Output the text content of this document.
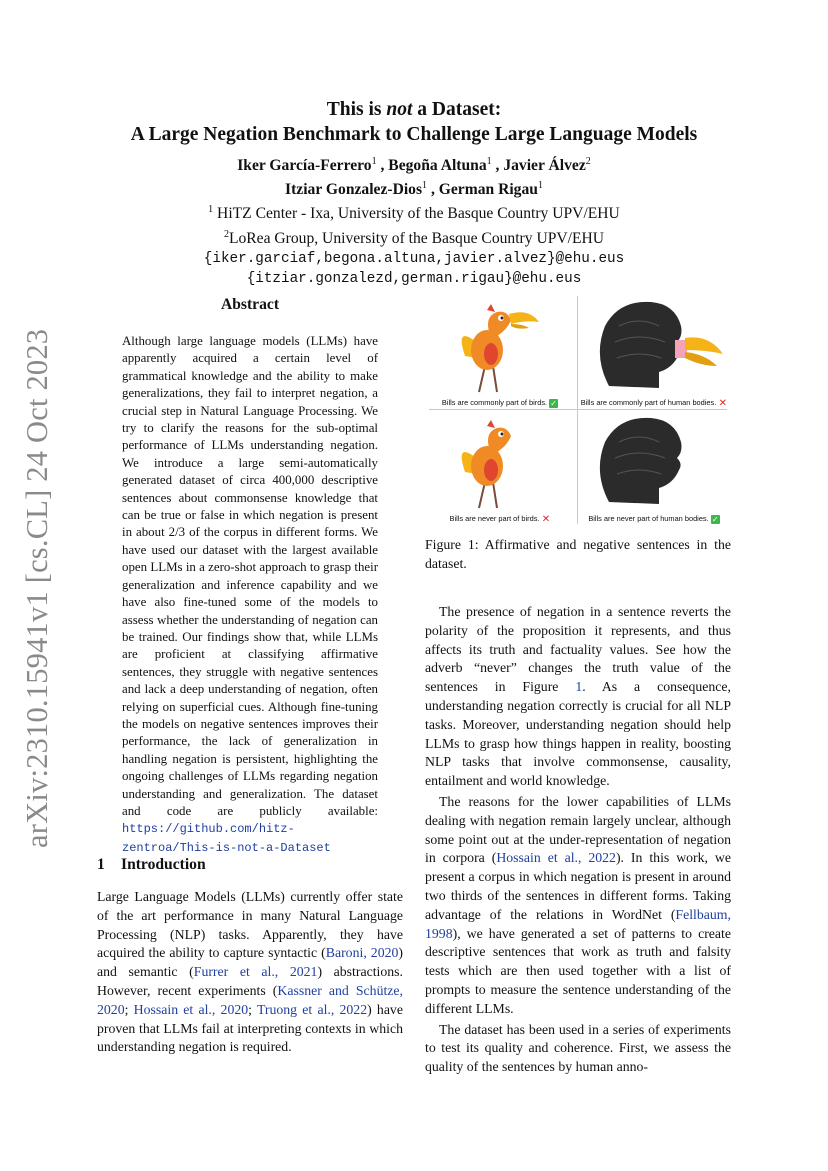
arXiv:2310.15941v1 [cs.CL] 24 Oct 2023
This is not a Dataset:
A Large Negation Benchmark to Challenge Large Language Models
Iker García-Ferrero$^1$ , Begoña Altuna$^1$ , Javier Álvez$^2$
Itziar Gonzalez-Dios$^1$ , German Rigau$^1$
$^1$ HiTZ Center - Ixa, University of the Basque Country UPV/EHU
$^2$LoRea Group, University of the Basque Country UPV/EHU
{iker.garciaf,begona.altuna,javier.alvez}@ehu.eus
{itziar.gonzalezd,german.rigau}@ehu.eus
Abstract

Although large language models (LLMs) have apparently acquired a certain level of grammatical knowledge and the ability to make generalizations, they fail to interpret negation, a crucial step in Natural Language Processing. We try to clarify the reasons for the sub-optimal performance of LLMs understanding negation. We introduce a large semi-automatically generated dataset of circa 400,000 descriptive sentences about commonsense knowledge that can be true or false in which negation is present in about 2/3 of the corpus in different forms. We have used our dataset with the largest available open LLMs in a zero-shot approach to grasp their generalization and inference capability and we have also fine-tuned some of the models to assess whether the understanding of negation can be trained. Our findings show that, while LLMs are proficient at classifying affirmative sentences, they struggle with negative sentences and lack a deep understanding of negation, often relying on superficial cues. Although fine-tuning the models on negative sentences improves their performance, the lack of generalization in handling negation is persistent, highlighting the ongoing challenges of LLMs regarding negation understanding and generalization. The dataset and code are publicly available: https://github.com/hitz-zentroa/This-is-not-a-Dataset

1 Introduction

Large Language Models (LLMs) currently offer state of the art performance in many Natural Language Processing (NLP) tasks. Apparently, they have acquired the ability to capture syntactic (Baroni, 2020) and semantic (Furrer et al., 2021) abstractions. However, recent experiments (Kassner and Schütze, 2020; Hossain et al., 2020; Truong et al., 2022) have proven that LLMs fail at interpreting contexts in which understanding negation is required.

Bills are commonly part of birds. ✓	Bills are commonly part of human bodies. ✕
Bills are never part of birds. ✕	Bills are never part of human bodies. ✓
Figure 1: Affirmative and negative sentences in the dataset.

The presence of negation in a sentence reverts the polarity of the proposition it represents, and thus affects its truth and factuality values. See how the adverb “never” changes the truth value of the sentences in Figure 1. As a consequence, understanding negation correctly is crucial for all NLP tasks. Moreover, understanding negation should help LLMs to grasp how things happen in reality, boosting NLP tasks that involve commonsense, causality, entailment and world knowledge.

The reasons for the lower capabilities of LLMs dealing with negation remain largely unclear, although some point out at the under-representation of negation in corpora (Hossain et al., 2022). In this work, we present a corpus in which negation is present in around two thirds of the sentences in different forms. Taking advantage of the relations in WordNet (Fellbaum, 1998), we have generated a set of patterns to create descriptive sentences that work as truth and falsity tests which are then used together with a list of prompts to measure the sentence understanding of the different LLMs.

The dataset has been used in a series of experiments to test its quality and coherence. First, we assess the quality of the sentences by human anno-
